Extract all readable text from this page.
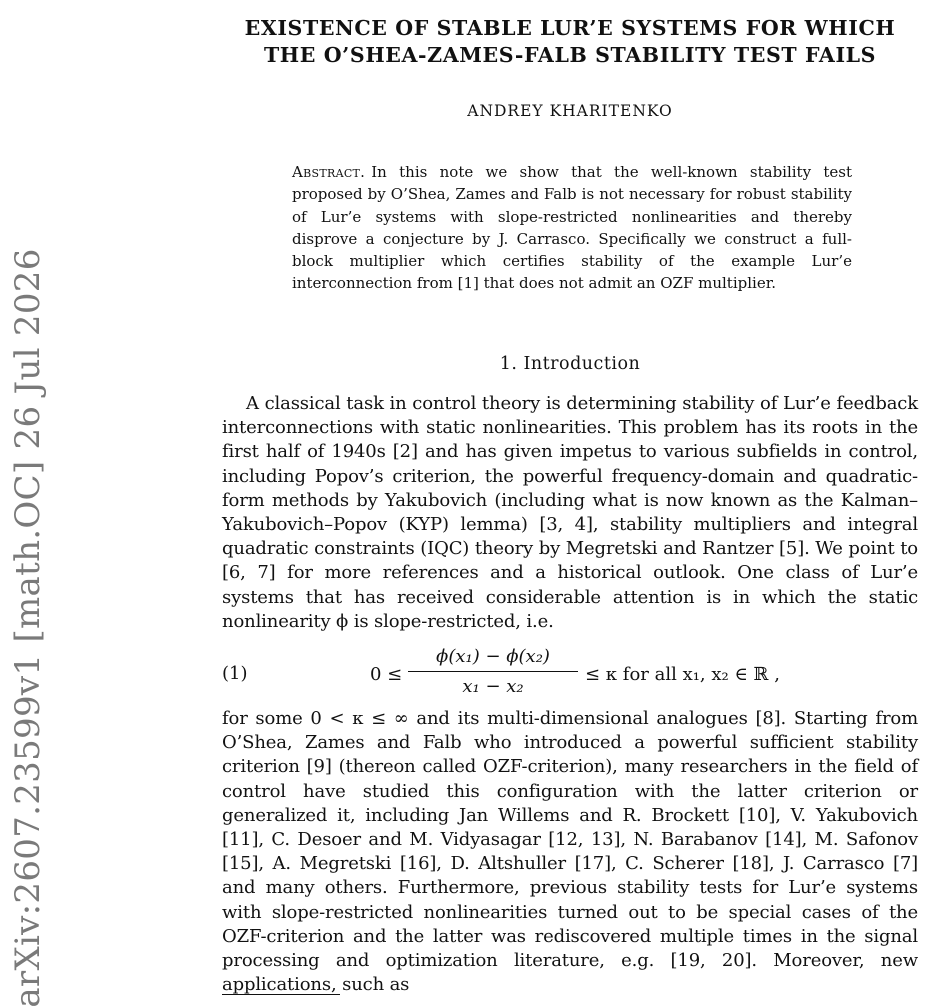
arXiv:2607.23599v1 [math.OC] 26 Jul 2026
EXISTENCE OF STABLE LUR’E SYSTEMS FOR WHICH THE O’SHEA-ZAMES-FALB STABILITY TEST FAILS
ANDREY KHARITENKO
Abstract. In this note we show that the well-known stability test proposed by O’Shea, Zames and Falb is not necessary for robust stability of Lur’e systems with slope-restricted nonlinearities and thereby disprove a conjecture by J. Carrasco. Specifically we construct a full-block multiplier which certifies stability of the example Lur’e interconnection from [1] that does not admit an OZF multiplier.
1. Introduction
A classical task in control theory is determining stability of Lur’e feedback interconnections with static nonlinearities. This problem has its roots in the first half of 1940s [2] and has given impetus to various subfields in control, including Popov’s criterion, the powerful frequency-domain and quadratic-form methods by Yakubovich (including what is now known as the Kalman–Yakubovich–Popov (KYP) lemma) [3, 4], stability multipliers and integral quadratic constraints (IQC) theory by Megretski and Rantzer [5]. We point to [6, 7] for more references and a historical outlook. One class of Lur’e systems that has received considerable attention is in which the static nonlinearity ϕ is slope-restricted, i.e.
(1)	$0 \le \frac{\text{ϕ(x₁) − ϕ(x₂)}}{\text{x₁ − x₂}} \le \kappa$ for all x₁, x₂ ∈ ℝ ,
for some 0 < κ ≤ ∞ and its multi-dimensional analogues [8]. Starting from O’Shea, Zames and Falb who introduced a powerful sufficient stability criterion [9] (thereon called OZF-criterion), many researchers in the field of control have studied this configuration with the latter criterion or generalized it, including Jan Willems and R. Brockett [10], V. Yakubovich [11], C. Desoer and M. Vidyasagar [12, 13], N. Barabanov [14], M. Safonov [15], A. Megretski [16], D. Altshuller [17], C. Scherer [18], J. Carrasco [7] and many others. Furthermore, previous stability tests for Lur’e systems with slope-restricted nonlinearities turned out to be special cases of the OZF-criterion and the latter was rediscovered multiple times in the signal processing and optimization literature, e.g. [19, 20]. Moreover, new applications, such as
